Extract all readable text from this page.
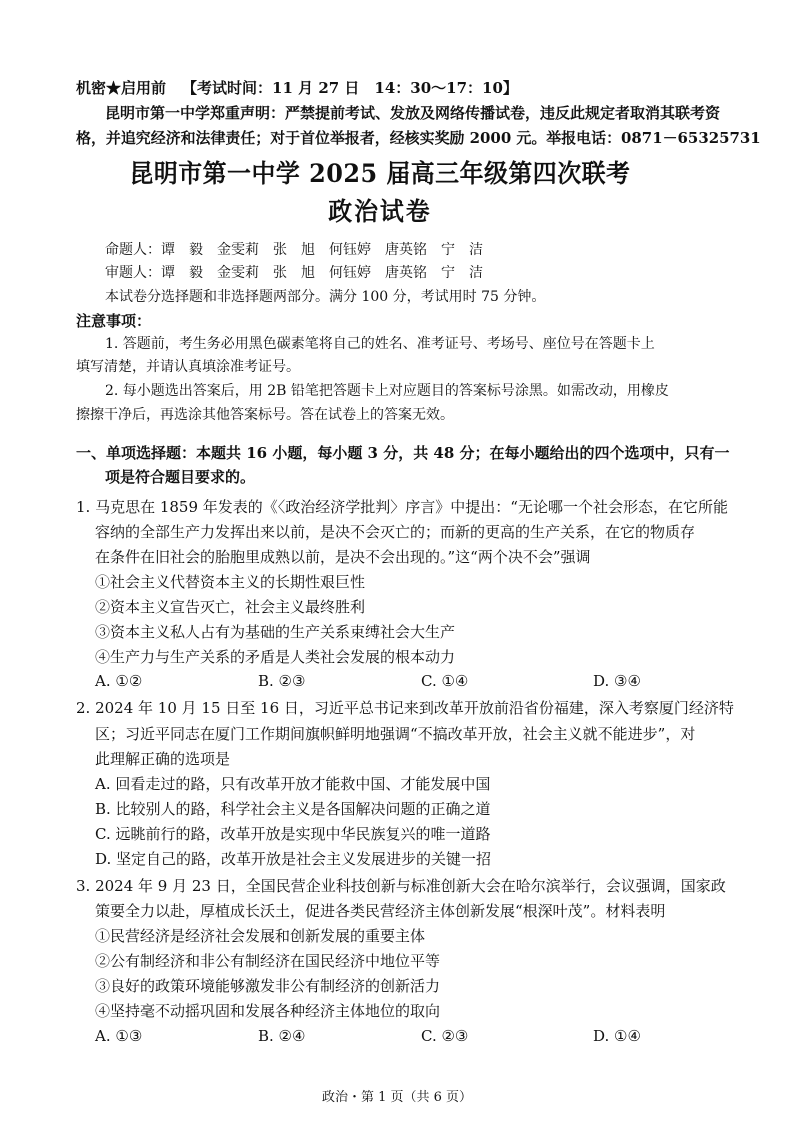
机密★启用前 【考试时间：11 月 27 日　14：30～17：10】
昆明市第一中学郑重声明：严禁提前考试、发放及网络传播试卷，违反此规定者取消其联考资
格，并追究经济和法律责任；对于首位举报者，经核实奖励 2000 元。举报电话：0871－65325731
昆明市第一中学 2025 届高三年级第四次联考
政治试卷
命题人：谭　毅　金雯莉　张　旭　何钰婷　唐英铭　宁　洁
审题人：谭　毅　金雯莉　张　旭　何钰婷　唐英铭　宁　洁
本试卷分选择题和非选择题两部分。满分 100 分，考试用时 75 分钟。
注意事项：
1. 答题前，考生务必用黑色碳素笔将自己的姓名、准考证号、考场号、座位号在答题卡上
填写清楚，并请认真填涂准考证号。
2. 每小题选出答案后，用 2B 铅笔把答题卡上对应题目的答案标号涂黑。如需改动，用橡皮
擦擦干净后，再选涂其他答案标号。答在试卷上的答案无效。
一、单项选择题：本题共 16 小题，每小题 3 分，共 48 分；在每小题给出的四个选项中，只有一
项是符合题目要求的。
1. 马克思在 1859 年发表的《〈政治经济学批判〉序言》中提出：“无论哪一个社会形态，在它所能
容纳的全部生产力发挥出来以前，是决不会灭亡的；而新的更高的生产关系，在它的物质存
在条件在旧社会的胎胞里成熟以前，是决不会出现的。”这“两个决不会”强调
①社会主义代替资本主义的长期性艰巨性
②资本主义宣告灭亡，社会主义最终胜利
③资本主义私人占有为基础的生产关系束缚社会大生产
④生产力与生产关系的矛盾是人类社会发展的根本动力
A. ①②	B. ②③	C. ①④	D. ③④
2. 2024 年 10 月 15 日至 16 日，习近平总书记来到改革开放前沿省份福建，深入考察厦门经济特
区；习近平同志在厦门工作期间旗帜鲜明地强调“不搞改革开放，社会主义就不能进步”，对
此理解正确的选项是
A. 回看走过的路，只有改革开放才能救中国、才能发展中国
B. 比较别人的路，科学社会主义是各国解决问题的正确之道
C. 远眺前行的路，改革开放是实现中华民族复兴的唯一道路
D. 坚定自己的路，改革开放是社会主义发展进步的关键一招
3. 2024 年 9 月 23 日，全国民营企业科技创新与标准创新大会在哈尔滨举行，会议强调，国家政
策要全力以赴，厚植成长沃土，促进各类民营经济主体创新发展“根深叶茂”。材料表明
①民营经济是经济社会发展和创新发展的重要主体
②公有制经济和非公有制经济在国民经济中地位平等
③良好的政策环境能够激发非公有制经济的创新活力
④坚持毫不动摇巩固和发展各种经济主体地位的取向
A. ①③	B. ②④	C. ②③	D. ①④
政治・第 1 页（共 6 页）
